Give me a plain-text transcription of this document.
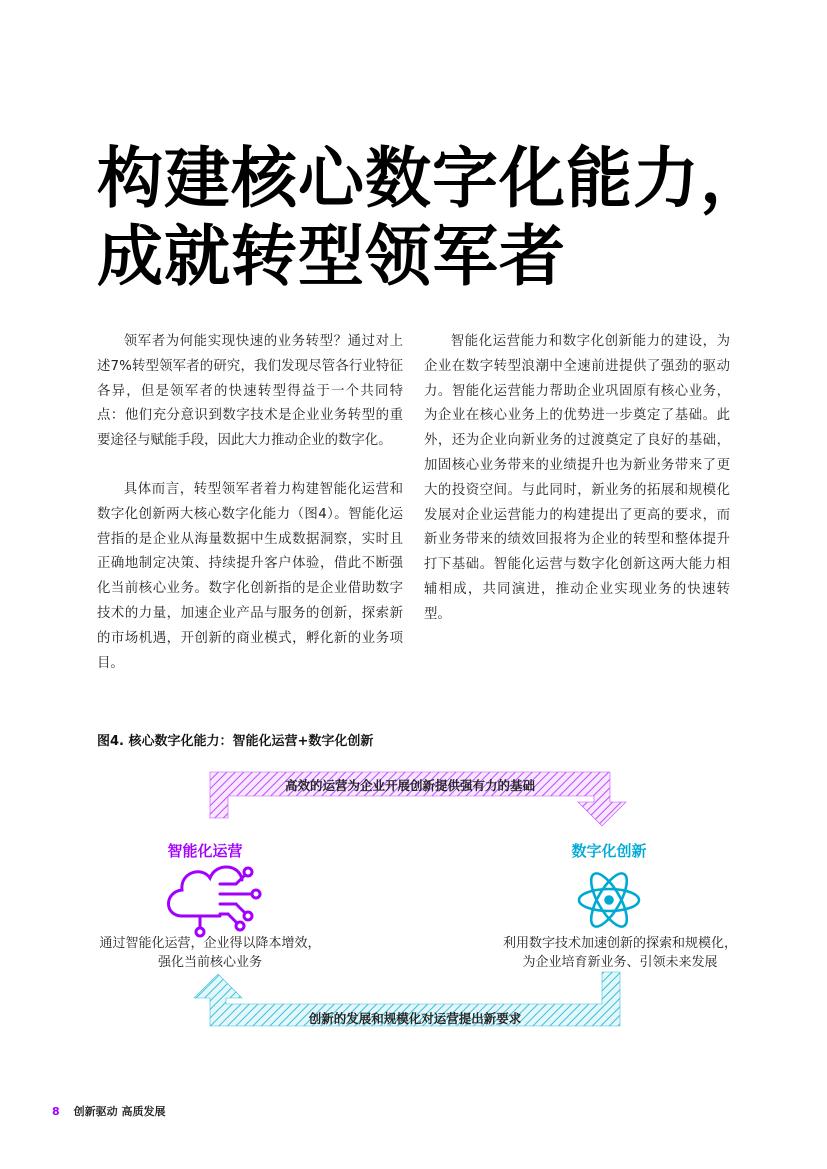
构建核心数字化能力，
成就转型领军者

领军者为何能实现快速的业务转型？通过对上述7%转型领军者的研究，我们发现尽管各行业特征各异，但是领军者的快速转型得益于一个共同特点：他们充分意识到数字技术是企业业务转型的重要途径与赋能手段，因此大力推动企业的数字化。

具体而言，转型领军者着力构建智能化运营和数字化创新两大核心数字化能力（图4）。智能化运营指的是企业从海量数据中生成数据洞察，实时且正确地制定决策、持续提升客户体验，借此不断强化当前核心业务。数字化创新指的是企业借助数字技术的力量，加速企业产品与服务的创新，探索新的市场机遇，开创新的商业模式，孵化新的业务项目。

智能化运营能力和数字化创新能力的建设，为企业在数字转型浪潮中全速前进提供了强劲的驱动力。智能化运营能力帮助企业巩固原有核心业务，为企业在核心业务上的优势进一步奠定了基础。此外，还为企业向新业务的过渡奠定了良好的基础，加固核心业务带来的业绩提升也为新业务带来了更大的投资空间。与此同时，新业务的拓展和规模化发展对企业运营能力的构建提出了更高的要求，而新业务带来的绩效回报将为企业的转型和整体提升打下基础。智能化运营与数字化创新这两大能力相辅相成，共同演进，推动企业实现业务的快速转型。

图4. 核心数字化能力：智能化运营+数字化创新
高效的运营为企业开展创新提供强有力的基础
创新的发展和规模化对运营提出新要求
智能化运营	数字化创新
通过智能化运营，企业得以降本增效，
强化当前核心业务
利用数字技术加速创新的探索和规模化，
为企业培育新业务、引领未来发展
8 创新驱动 高质发展
